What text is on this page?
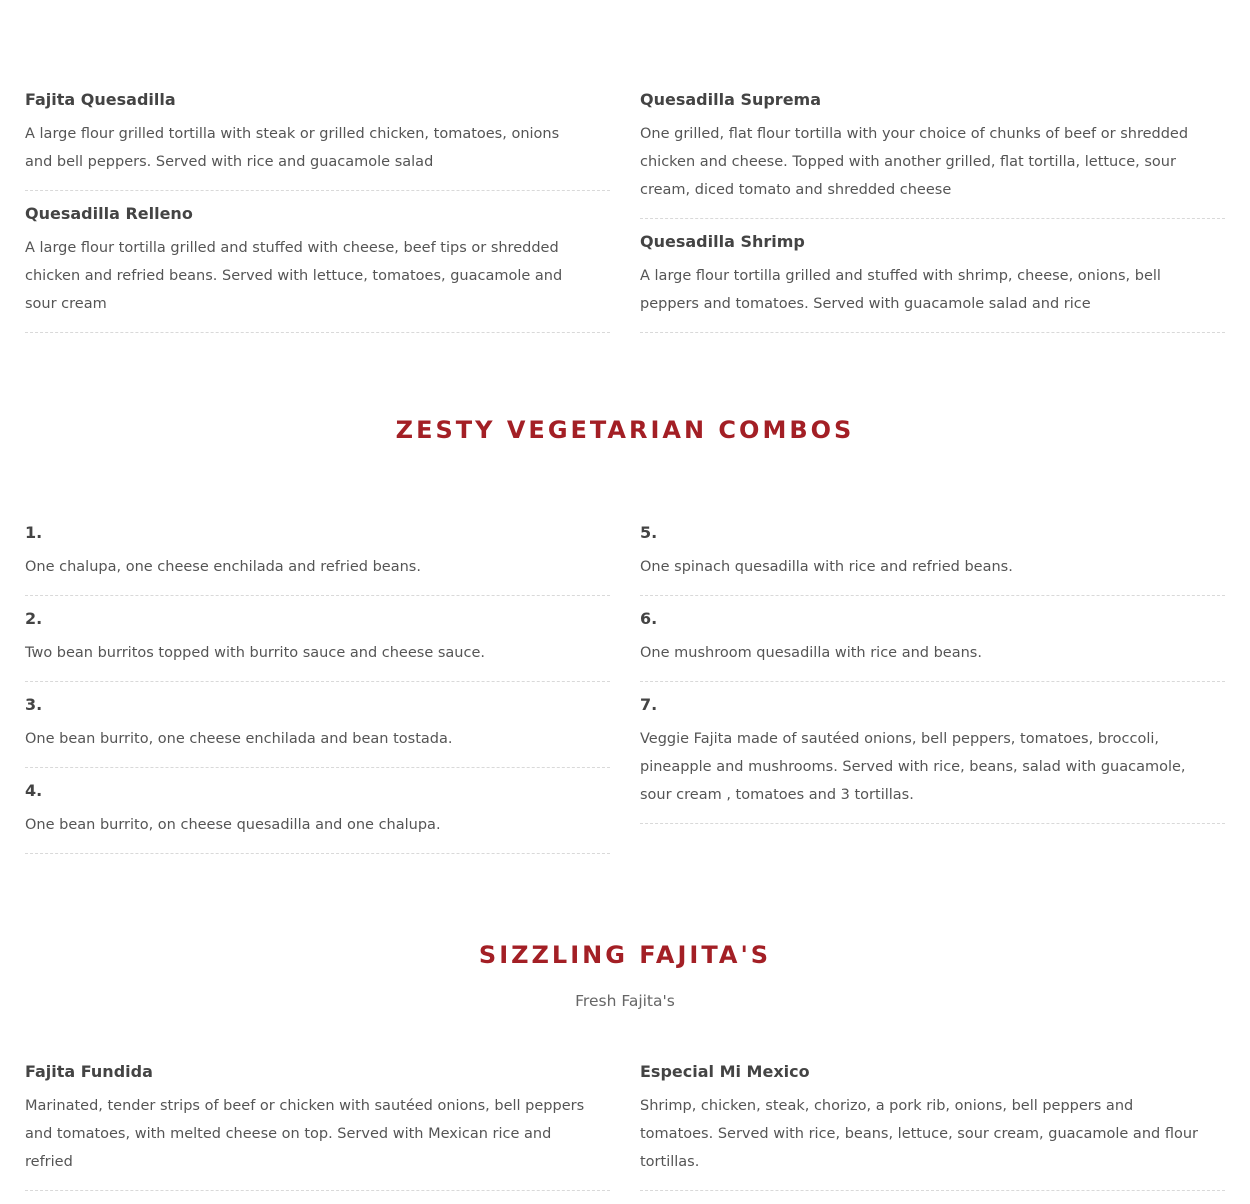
Fajita Quesadilla

A large flour grilled tortilla with steak or grilled chicken, tomatoes, onions and bell peppers. Served with rice and guacamole salad

Quesadilla Relleno

A large flour tortilla grilled and stuffed with cheese, beef tips or shredded chicken and refried beans. Served with lettuce, tomatoes, guacamole and sour cream

Quesadilla Suprema

One grilled, flat flour tortilla with your choice of chunks of beef or shredded chicken and cheese. Topped with another grilled, flat tortilla, lettuce, sour cream, diced tomato and shredded cheese

Quesadilla Shrimp

A large flour tortilla grilled and stuffed with shrimp, cheese, onions, bell peppers and tomatoes. Served with guacamole salad and rice

ZESTY VEGETARIAN COMBOS
1.

One chalupa, one cheese enchilada and refried beans.

2.

Two bean burritos topped with burrito sauce and cheese sauce.

3.

One bean burrito, one cheese enchilada and bean tostada.

4.

One bean burrito, on cheese quesadilla and one chalupa.

5.

One spinach quesadilla with rice and refried beans.

6.

One mushroom quesadilla with rice and beans.

7.

Veggie Fajita made of sautéed onions, bell peppers, tomatoes, broccoli, pineapple and mushrooms. Served with rice, beans, salad with guacamole, sour cream , tomatoes and 3 tortillas.

SIZZLING FAJITA'S
Fresh Fajita's
Fajita Fundida

Marinated, tender strips of beef or chicken with sautéed onions, bell peppers and tomatoes, with melted cheese on top. Served with Mexican rice and refried

Especial Mi Mexico

Shrimp, chicken, steak, chorizo, a pork rib, onions, bell peppers and tomatoes. Served with rice, beans, lettuce, sour cream, guacamole and flour tortillas.
